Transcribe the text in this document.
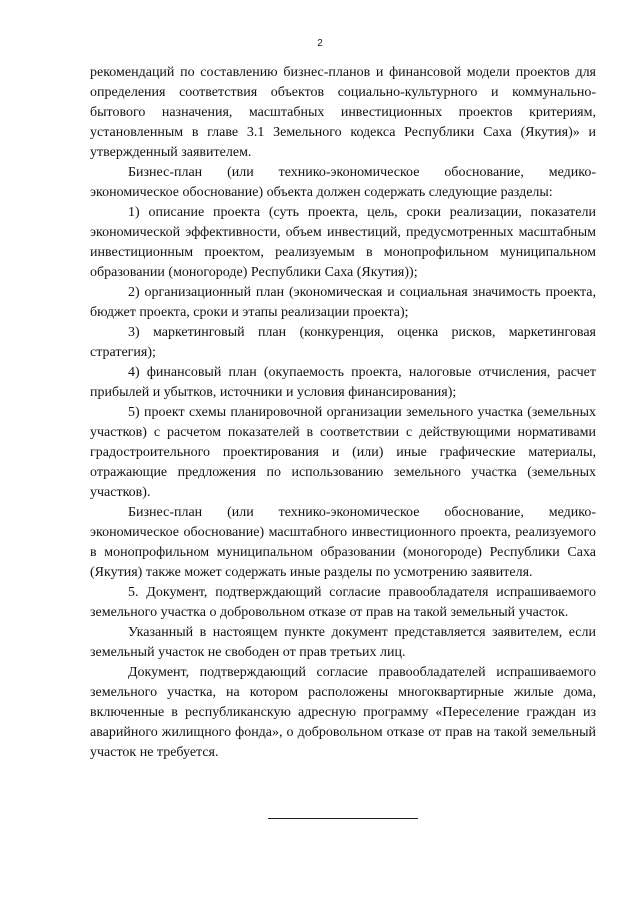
2

рекомендаций по составлению бизнес-планов и финансовой модели проектов для определения соответствия объектов социально-культурного и коммунально-бытового назначения, масштабных инвестиционных проектов критериям, установленным в главе 3.1 Земельного кодекса Республики Саха (Якутия)» и утвержденный заявителем.

Бизнес-план (или технико-экономическое обоснование, медико-экономическое обоснование) объекта должен содержать следующие разделы:

1) описание проекта (суть проекта, цель, сроки реализации, показатели экономической эффективности, объем инвестиций, предусмотренных масштабным инвестиционным проектом, реализуемым в монопрофильном муниципальном образовании (моногороде) Республики Саха (Якутия));

2) организационный план (экономическая и социальная значимость проекта, бюджет проекта, сроки и этапы реализации проекта);

3) маркетинговый план (конкуренция, оценка рисков, маркетинговая стратегия);

4) финансовый план (окупаемость проекта, налоговые отчисления, расчет прибылей и убытков, источники и условия финансирования);

5) проект схемы планировочной организации земельного участка (земельных участков) с расчетом показателей в соответствии с действующими нормативами градостроительного проектирования и (или) иные графические материалы, отражающие предложения по использованию земельного участка (земельных участков).

Бизнес-план (или технико-экономическое обоснование, медико-экономическое обоснование) масштабного инвестиционного проекта, реализуемого в монопрофильном муниципальном образовании (моногороде) Республики Саха (Якутия) также может содержать иные разделы по усмотрению заявителя.

5. Документ, подтверждающий согласие правообладателя испрашиваемого земельного участка о добровольном отказе от прав на такой земельный участок.

Указанный в настоящем пункте документ представляется заявителем, если земельный участок не свободен от прав третьих лиц.

Документ, подтверждающий согласие правообладателей испрашиваемого земельного участка, на котором расположены многоквартирные жилые дома, включенные в республиканскую адресную программу «Переселение граждан из аварийного жилищного фонда», о добровольном отказе от прав на такой земельный участок не требуется.
